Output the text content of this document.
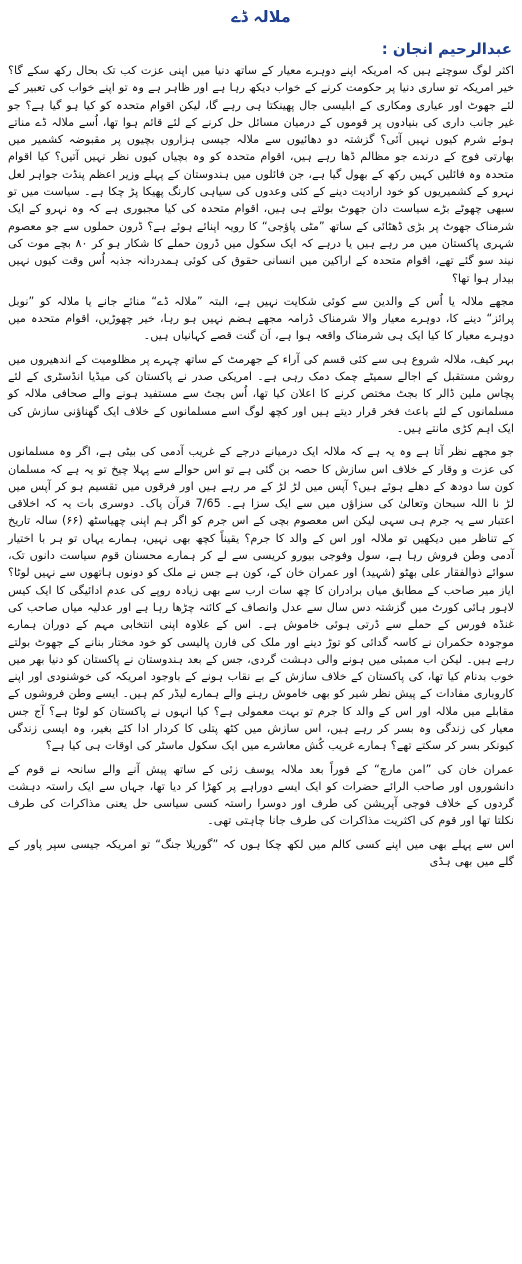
ملالہ ڈے
عبدالرحیم انجان :

اکثر لوگ سوچتے ہیں کہ امریکہ اپنے دوہرے معیار کے ساتھ دنیا میں اپنی عزت کب تک بحال رکھ سکے گا؟ خیر امریکہ تو ساری دنیا پر حکومت کرنے کے خواب دیکھ رہا ہے اور ظاہر ہے وہ تو اپنے خواب کی تعبیر کے لئے جھوٹ اور عیاری ومکاری کے ابلیسی جال پھینکتا ہی رہے گا، لیکن اقوام متحدہ کو کیا ہو گیا ہے؟ جو غیر جانب داری کی بنیادوں پر قوموں کے درمیان مسائل حل کرنے کے لئے قائم ہوا تھا، اُسے ملالہ ڈے مناتے ہوئے شرم کیوں نہیں آئی؟ گزشتہ دو دھائیوں سے ملالہ جیسی ہزاروں بچیوں پر مقبوضہ کشمیر میں بھارتی فوج کے درندے جو مظالم ڈھا رہے ہیں، اقوام متحدہ کو وہ بچیاں کیوں نظر نہیں آتیں؟ کیا اقوام متحدہ وہ فائلیں کہیں رکھ کے بھول گیا ہے، جن فائلوں میں ہندوستان کے پہلے وزیر اعظم پنڈت جواہر لعل نہرو کے کشمیریوں کو خود ارادیت دینے کے کئی وعدوں کی سیاہی کارنگ پھیکا پڑ چکا ہے۔ سیاست میں تو سبھی چھوٹے بڑے سیاست دان جھوٹ بولتے ہی ہیں، اقوام متحدہ کی کیا مجبوری ہے کہ وہ نہرو کے ایک شرمناک جھوٹ پر بڑی ڈھٹائی کے ساتھ ”مٹی پاؤجی“ کا رویہ اپنائے ہوئے ہے؟ ڈرون حملوں سے جو معصوم شہری پاکستان میں مر رہے ہیں یا درہے کہ ایک سکول میں ڈرون حملے کا شکار ہو کر ۸۰ بچے موت کی نیند سو گئے تھے، اقوام متحدہ کے اراکین میں انسانی حقوق کی کوئی ہمدردانہ جذبہ اُس وقت کیوں نہیں بیدار ہوا تھا؟

مجھے ملالہ یا اُس کے والدین سے کوئی شکایت نہیں ہے، البتہ ”ملالہ ڈے“ منائے جانے یا ملالہ کو ”نوبل پرائز“ دینے کا، دوہرے معیار والا شرمناک ڈرامہ مجھے ہضم نہیں ہو رہا، خیر چھوڑیں، اقوام متحدہ میں دوہرے معیار کا کیا ایک ہی شرمناک واقعہ ہوا ہے، اَن گنت قصے کہانیاں ہیں۔

بہر کیف، ملالہ شروع ہی سے کئی قسم کی آراء کے جھرمٹ کے ساتھ چہرے پر مظلومیت کے اندھیروں میں روشن مستقبل کے اجالے سمیٹے چمک دمک رہی ہے۔ امریکی صدر نے پاکستان کی میڈیا انڈسٹری کے لئے پچاس ملین ڈالر کا بجٹ مختص کرنے کا اعلان کیا تھا، اُس بجٹ سے مستفید ہونے والے صحافی ملالہ کو مسلمانوں کے لئے باعث فخر قرار دیتے ہیں اور کچھ لوگ اسے مسلمانوں کے خلاف ایک گھناؤنی سازش کی ایک اہم کڑی مانتے ہیں۔

جو مجھے نظر آتا ہے وہ یہ ہے کہ ملالہ ایک درمیانے درجے کے غریب آدمی کی بیٹی ہے، اگر وہ مسلمانوں کی عزت و وقار کے خلاف اس سازش کا حصہ بن گئی ہے تو اس حوالے سے پہلا چیخ تو یہ ہے کہ مسلمان کون سا دودھ کے دھلے ہوئے ہیں؟ آپس میں لڑ لڑ کے مر رہے ہیں اور فرقوں میں تقسیم ہو کر آپس میں لڑ نا اللہ سبحان وتعالیٰ کی سزاؤں میں سے ایک سزا ہے۔ 7/65 قرآن پاک۔ دوسری بات یہ کہ اخلاقی اعتبار سے یہ جرم ہی سہی لیکن اس معصوم بچی کے اس جرم کو اگر ہم اپنی چھیاسٹھ (۶۶) سالہ تاریخ کے تناظر میں دیکھیں تو ملالہ اور اس کے والد کا جرم؟ یقیناً کچھ بھی نہیں، ہمارے یہاں تو ہر با اختیار آدمی وطن فروش رہا ہے، سول وفوجی بیورو کریسی سے لے کر ہمارے محسنان قوم سیاست دانوں تک، سوائے ذوالفقار علی بھٹو (شہید) اور عمران خان کے، کون ہے جس نے ملک کو دونوں ہاتھوں سے نہیں لوٹا؟ ایاز میر صاحب کے مطابق میاں برادران کا چھ سات ارب سے بھی زیادہ روپے کی عدم ادائیگی کا ایک کیس لاہور ہائی کورٹ میں گزشتہ دس سال سے عدل وانصاف کے کائنہ چڑھا رہا ہے اور عدلیہ میاں صاحب کی غنڈہ فورس کے حملے سے ڈرتی ہوئی خاموش ہے۔ اس کے علاوہ اپنی انتخابی مہم کے دوران ہمارے موجودہ حکمران نے کاسہ گدائی کو توڑ دینے اور ملک کی فارن پالیسی کو خود مختار بنانے کے جھوٹ بولتے رہے ہیں۔ لیکن اب ممبئی میں ہونے والی دہشت گردی، جس کے بعد ہندوستان نے پاکستان کو دنیا بھر میں خوب بدنام کیا تھا، کی پاکستان کے خلاف سازش کے بے نقاب ہونے کے باوجود امریکہ کی خوشنودی اور اپنے کاروباری مفادات کے پیش نظر شیر کو بھی خاموش رہنے والے ہمارے لیڈر کم ہیں۔ ایسے وطن فروشوں کے مقابلے میں ملالہ اور اس کے والد کا جرم تو بہت معمولی ہے؟ کیا انہوں نے پاکستان کو لوٹا ہے؟ آج جس معیار کی زندگی وہ بسر کر رہے ہیں، اس سازش میں کٹھ پتلی کا کردار ادا کئے بغیر، وہ ایسی زندگی کیونکر بسر کر سکتے تھے؟ ہمارے غریب کُش معاشرے میں ایک سکول ماسٹر کی اوقات ہی کیا ہے؟

عمران خان کی ”امن مارچ“ کے فوراً بعد ملالہ یوسف زئی کے ساتھ پیش آنے والے سانحہ نے قوم کے دانشوروں اور صاحب الرائے حضرات کو ایک ایسے دوراہے پر کھڑا کر دیا تھا، جہاں سے ایک راستہ دہشت گردوں کے خلاف فوجی آپریشن کی طرف اور دوسرا راستہ کسی سیاسی حل یعنی مذاکرات کی طرف نکلتا تھا اور قوم کی اکثریت مذاکرات کی طرف جانا چاہتی تھی۔

اس سے پہلے بھی میں اپنے کسی کالم میں لکھ چکا ہوں کہ ”گوریلا جنگ“ تو امریکہ جیسی سپر پاور کے گلے میں بھی ہڈی
